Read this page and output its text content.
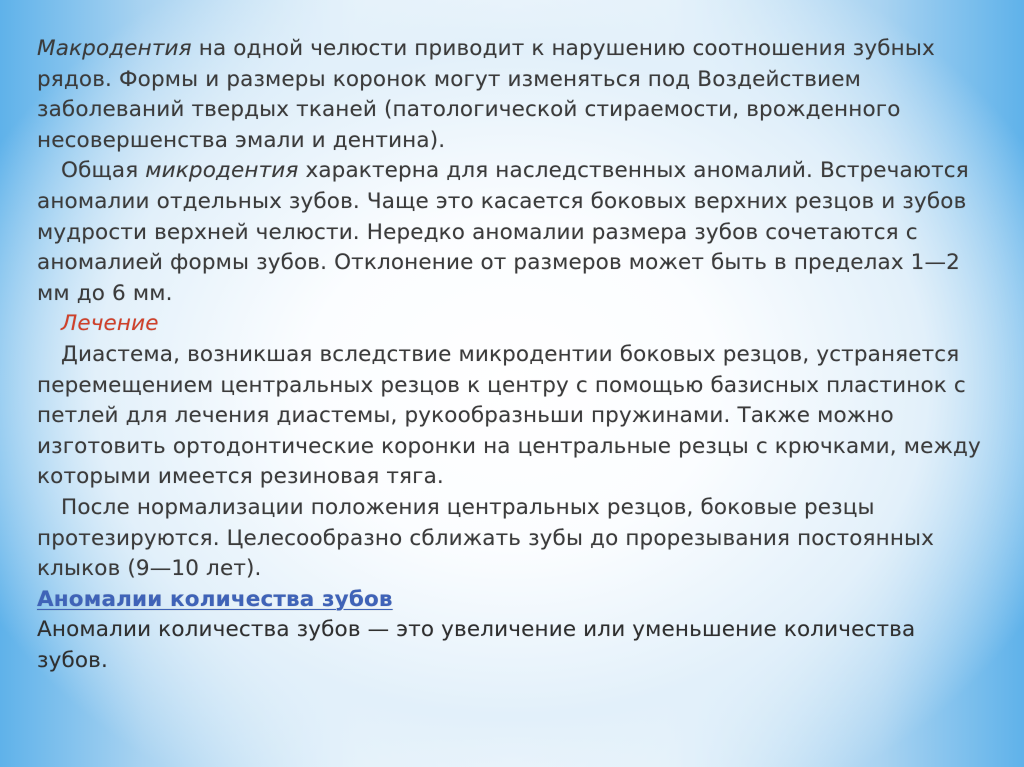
Макродентия на одной челюсти приводит к нарушению соотношения зубных рядов. Формы и размеры коронок могут изменяться под Воздействием заболеваний твердых тканей (патологической стираемости, врожденного несовершенства эмали и дентина).

Общая микродентия характерна для наследственных аномалий. Встречаются аномалии отдельных зубов. Чаще это касается боковых верхних резцов и зубов мудрости верхней челюсти. Нередко аномалии размера зубов сочетаются с аномалией формы зубов. Отклонение от размеров может быть в пределах 1—2 мм до 6 мм.

Лечение

Диастема, возникшая вследствие микродентии боковых резцов, устраняется перемещением центральных резцов к центру с помощью базисных пластинок с петлей для лечения диастемы, рукообразньши пружинами. Также можно изготовить ортодонтические коронки на центральные резцы с крючками, между которыми имеется резиновая тяга.

После нормализации положения центральных резцов, боковые резцы протезируются. Целесообразно сближать зубы до прорезывания постоянных клыков (9—10 лет).

Аномалии количества зубов

Аномалии количества зубов — это увеличение или уменьшение количества зубов.
